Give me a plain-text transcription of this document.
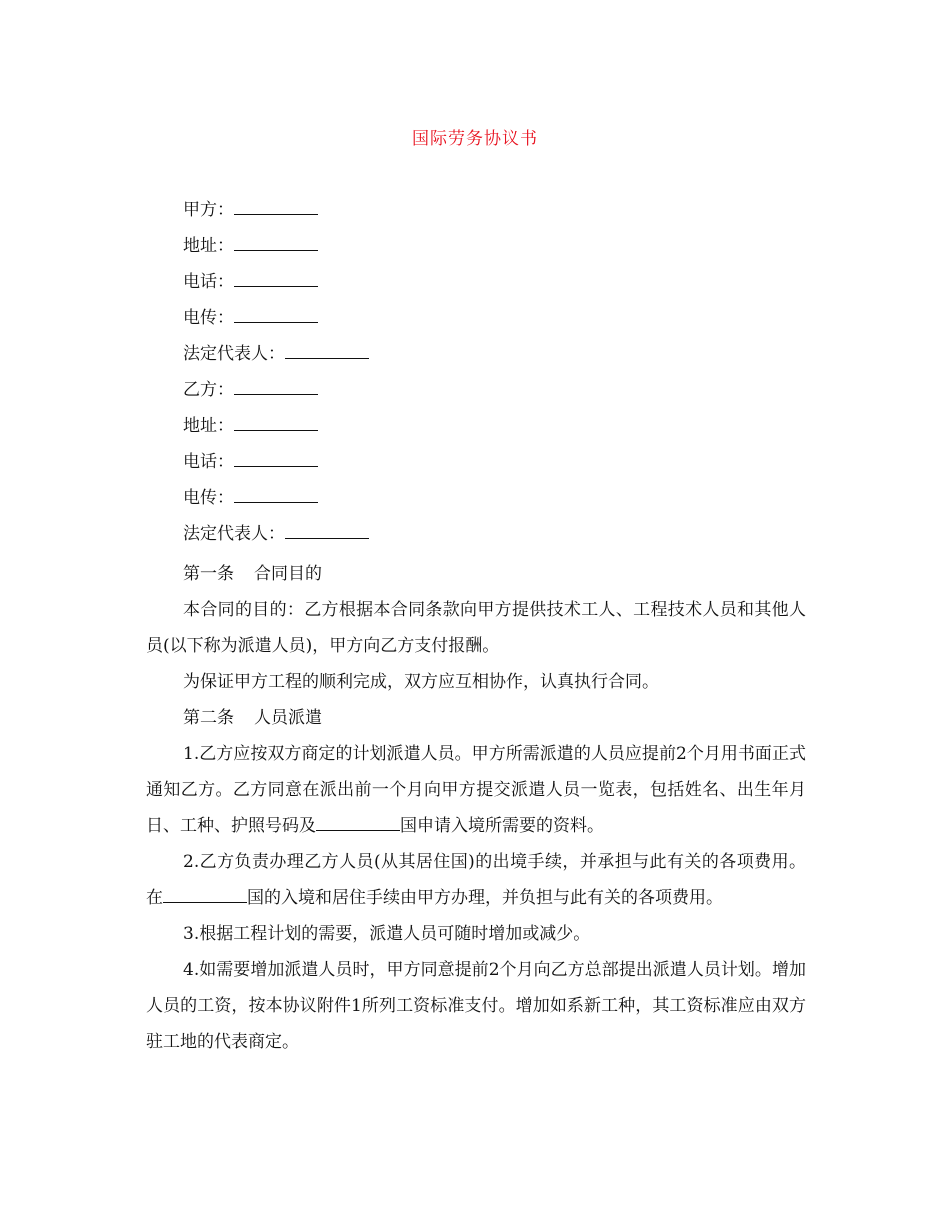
国际劳务协议书
甲方：
地址：
电话：
电传：
法定代表人：
乙方：
地址：
电话：
电传：
法定代表人：
第一条 合同目的

本合同的目的：乙方根据本合同条款向甲方提供技术工人、工程技术人员和其他人员(以下称为派遣人员)，甲方向乙方支付报酬。

为保证甲方工程的顺利完成，双方应互相协作，认真执行合同。

第二条 人员派遣

1.乙方应按双方商定的计划派遣人员。甲方所需派遣的人员应提前2个月用书面正式通知乙方。乙方同意在派出前一个月向甲方提交派遣人员一览表，包括姓名、出生年月日、工种、护照号码及	国申请入境所需要的资料。

2.乙方负责办理乙方人员(从其居住国)的出境手续，并承担与此有关的各项费用。在	国的入境和居住手续由甲方办理，并负担与此有关的各项费用。

3.根据工程计划的需要，派遣人员可随时增加或减少。

4.如需要增加派遣人员时，甲方同意提前2个月向乙方总部提出派遣人员计划。增加人员的工资，按本协议附件1所列工资标准支付。增加如系新工种，其工资标准应由双方驻工地的代表商定。
